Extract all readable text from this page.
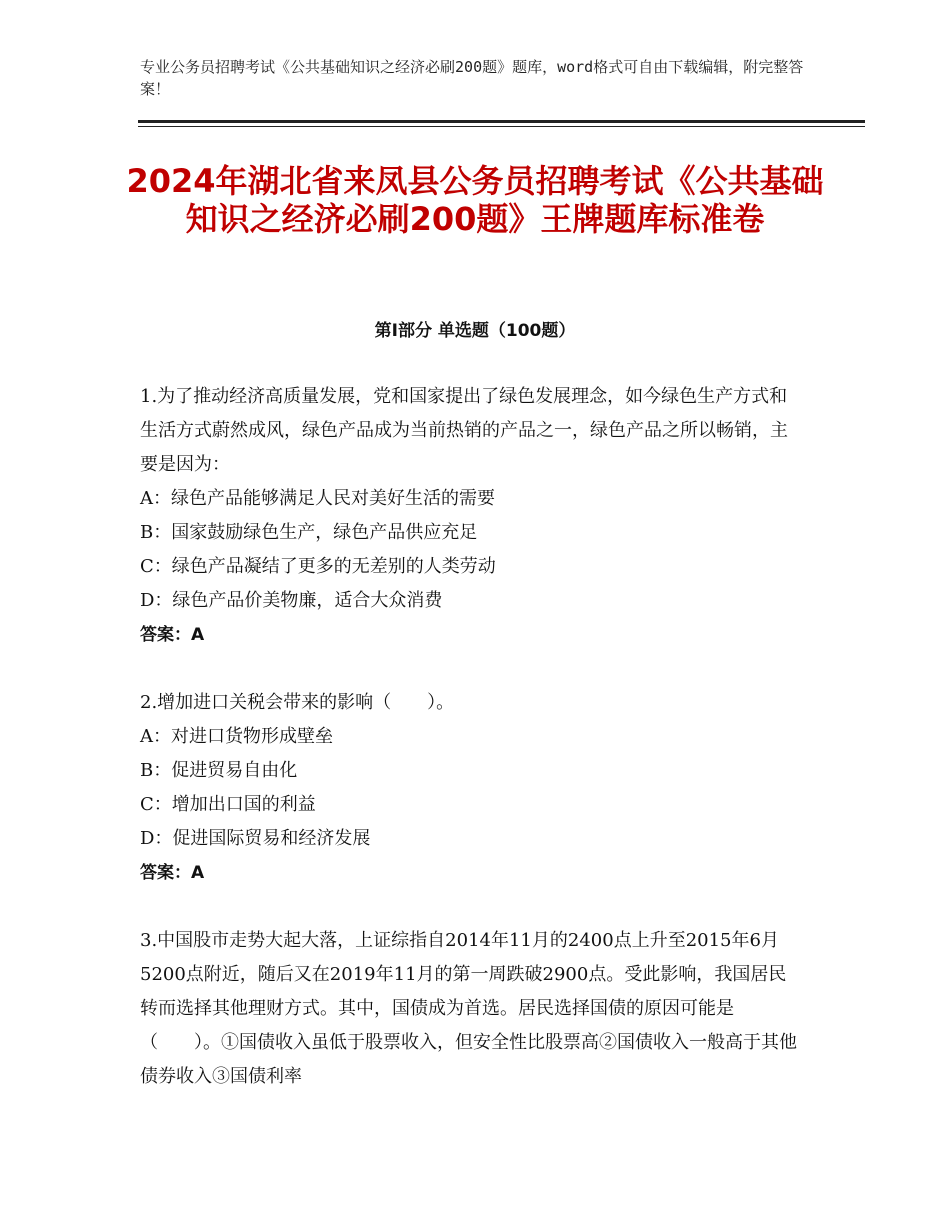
专业公务员招聘考试《公共基础知识之经济必刷200题》题库，word格式可自由下载编辑，附完整答案！
2024年湖北省来凤县公务员招聘考试《公共基础知识之经济必刷200题》王牌题库标准卷
第Ⅰ部分 单选题（100题）

1.为了推动经济高质量发展，党和国家提出了绿色发展理念，如今绿色生产方式和生活方式蔚然成风，绿色产品成为当前热销的产品之一，绿色产品之所以畅销，主要是因为：

A：绿色产品能够满足人民对美好生活的需要

B：国家鼓励绿色生产，绿色产品供应充足

C：绿色产品凝结了更多的无差别的人类劳动

D：绿色产品价美物廉，适合大众消费

答案：A

2.增加进口关税会带来的影响（　　）。

A：对进口货物形成壁垒

B：促进贸易自由化

C：增加出口国的利益

D：促进国际贸易和经济发展

答案：A

3.中国股市走势大起大落，上证综指自2014年11月的2400点上升至2015年6月5200点附近，随后又在2019年11月的第一周跌破2900点。受此影响，我国居民转而选择其他理财方式。其中，国债成为首选。居民选择国债的原因可能是（　　）。①国债收入虽低于股票收入，但安全性比股票高②国债收入一般高于其他债券收入③国债利率
